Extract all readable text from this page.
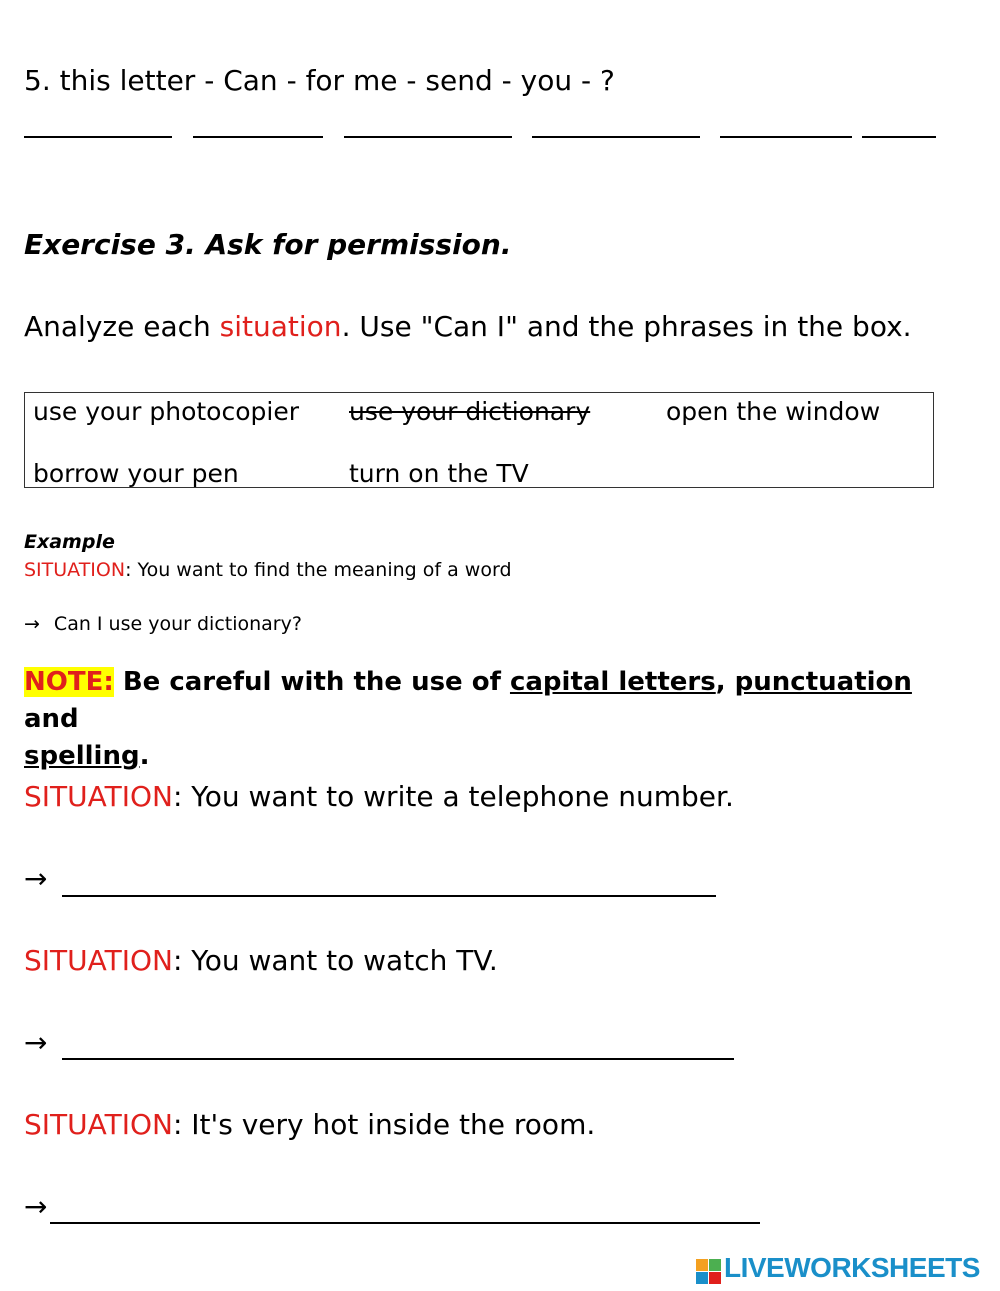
5. this letter - Can - for me - send - you - ?
Exercise 3. Ask for permission.
Analyze each situation. Use "Can I" and the phrases in the box.
use your photocopier use your dictionary	open the window
borrow your pen	turn on the TV
Example
SITUATION: You want to find the meaning of a word
→ Can I use your dictionary?
NOTE: Be careful with the use of capital letters, punctuation and
spelling.
SITUATION: You want to write a telephone number.
→
SITUATION: You want to watch TV.
→
SITUATION: It's very hot inside the room.
→
LIVEWORKSHEETS
